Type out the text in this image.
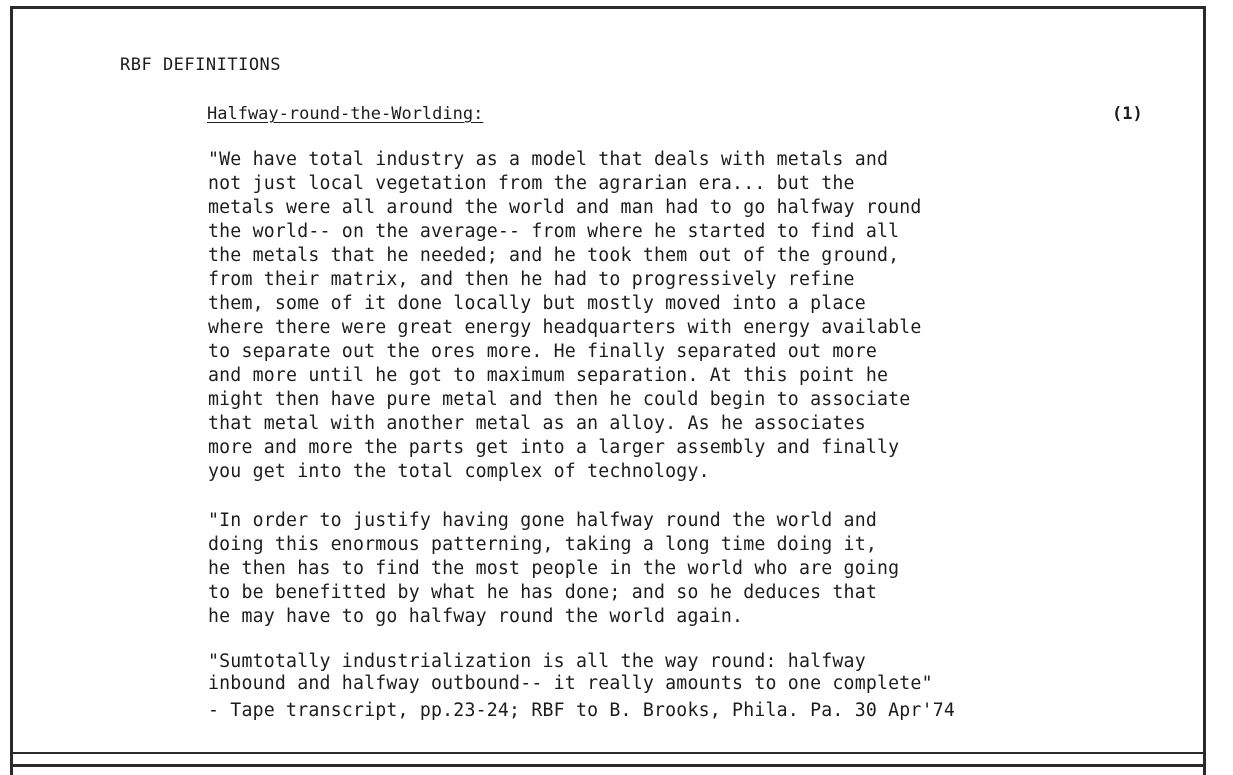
RBF DEFINITIONS
Halfway-round-the-Worlding:	(1)
"We have total industry as a model that deals with metals and
not just local vegetation from the agrarian era... but the
metals were all around the world and man had to go halfway round
the world-- on the average-- from where he started to find all
the metals that he needed; and he took them out of the ground,
from their matrix, and then he had to progressively refine
them, some of it done locally but mostly moved into a place
where there were great energy headquarters with energy available
to separate out the ores more. He finally separated out more
and more until he got to maximum separation. At this point he
might then have pure metal and then he could begin to associate
that metal with another metal as an alloy. As he associates
more and more the parts get into a larger assembly and finally
you get into the total complex of technology.
"In order to justify having gone halfway round the world and
doing this enormous patterning, taking a long time doing it,
he then has to find the most people in the world who are going
to be benefitted by what he has done; and so he deduces that
he may have to go halfway round the world again.
"Sumtotally industrialization is all the way round: halfway
inbound and halfway outbound-- it really amounts to one complete"
- Tape transcript, pp.23-24; RBF to B. Brooks, Phila. Pa. 30 Apr'74
